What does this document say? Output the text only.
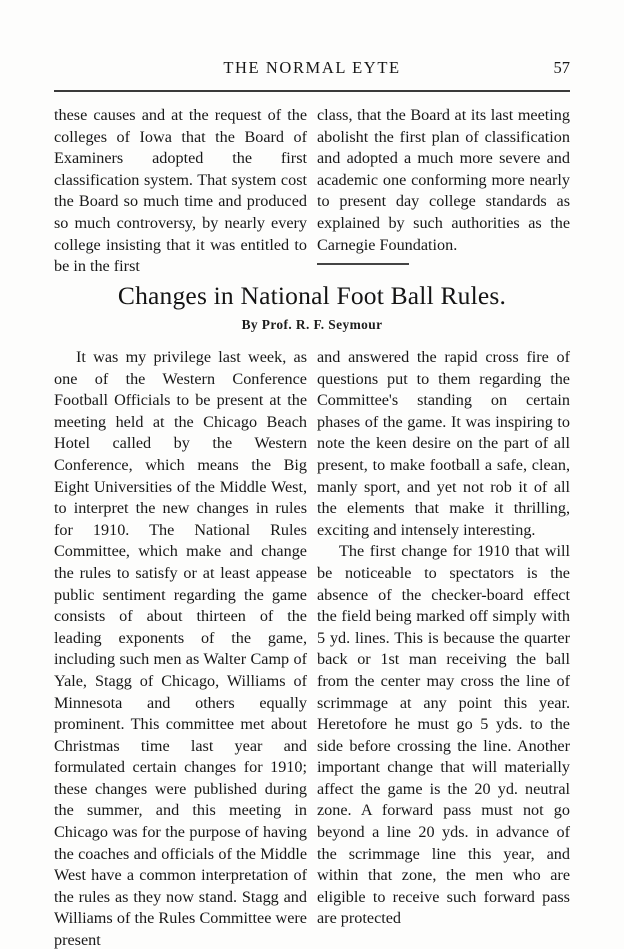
THE NORMAL EYTE	57

these causes and at the request of the colleges of Iowa that the Board of Examiners adopted the first classification system. That system cost the Board so much time and produced so much controversy, by nearly every college insisting that it was entitled to be in the first

class, that the Board at its last meeting abolisht the first plan of classification and adopted a much more severe and academic one conforming more nearly to present day college standards as explained by such authorities as the Carnegie Foundation.

Changes in National Foot Ball Rules.
By Prof. R. F. Seymour

It was my privilege last week, as one of the Western Conference Football Officials to be present at the meeting held at the Chicago Beach Hotel called by the Western Conference, which means the Big Eight Universities of the Middle West, to interpret the new changes in rules for 1910. The National Rules Committee, which make and change the rules to satisfy or at least appease public sentiment regarding the game consists of about thirteen of the leading exponents of the game, including such men as Walter Camp of Yale, Stagg of Chicago, Williams of Minnesota and others equally prominent. This committee met about Christmas time last year and formulated certain changes for 1910; these changes were published during the summer, and this meeting in Chicago was for the purpose of having the coaches and officials of the Middle West have a common interpretation of the rules as they now stand. Stagg and Williams of the Rules Committee were present

and answered the rapid cross fire of questions put to them regarding the Committee's standing on certain phases of the game. It was inspiring to note the keen desire on the part of all present, to make football a safe, clean, manly sport, and yet not rob it of all the elements that make it thrilling, exciting and intensely interesting.

The first change for 1910 that will be noticeable to spectators is the absence of the checker-board effect the field being marked off simply with 5 yd. lines. This is because the quarter back or 1st man receiving the ball from the center may cross the line of scrimmage at any point this year. Heretofore he must go 5 yds. to the side before crossing the line. Another important change that will materially affect the game is the 20 yd. neutral zone. A forward pass must not go beyond a line 20 yds. in advance of the scrimmage line this year, and within that zone, the men who are eligible to receive such forward pass are protected
